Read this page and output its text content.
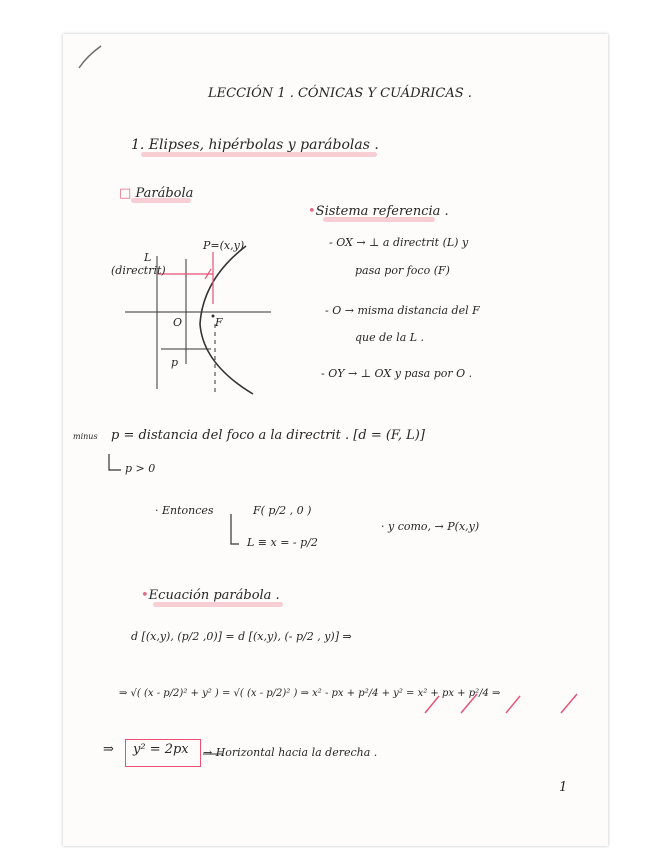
LECCIÓN 1 . CÓNICAS Y CUÁDRICAS .
1. Elipses, hipérbolas y parábolas .
□ Parábola
•Sistema referencia .
- OX → ⊥ a directrit (L) y
pasa por foco (F)
- O → misma distancia del F
que de la L .
- OY → ⊥ OX y pasa por O .
L
(directrit)
P=(x,y)
O	F
p
minus p = distancia del foco a la directrit . [d = (F, L)]
p > 0
· Entonces	F( p/2 , 0 )
L ≡ x = - p/2
· y como, → P(x,y)
•Ecuación parábola .
d [(x,y), (p/2 ,0)] = d [(x,y), (- p/2 , y)] ⇒
⇒ √( (x - p/2)² + y² ) = √( (x - p/2)² ) ⇒ x² - px + p²/4 + y² = x² + px + p²/4 ⇒
⇒ y² = 2px → Horizontal hacia la derecha .
1
